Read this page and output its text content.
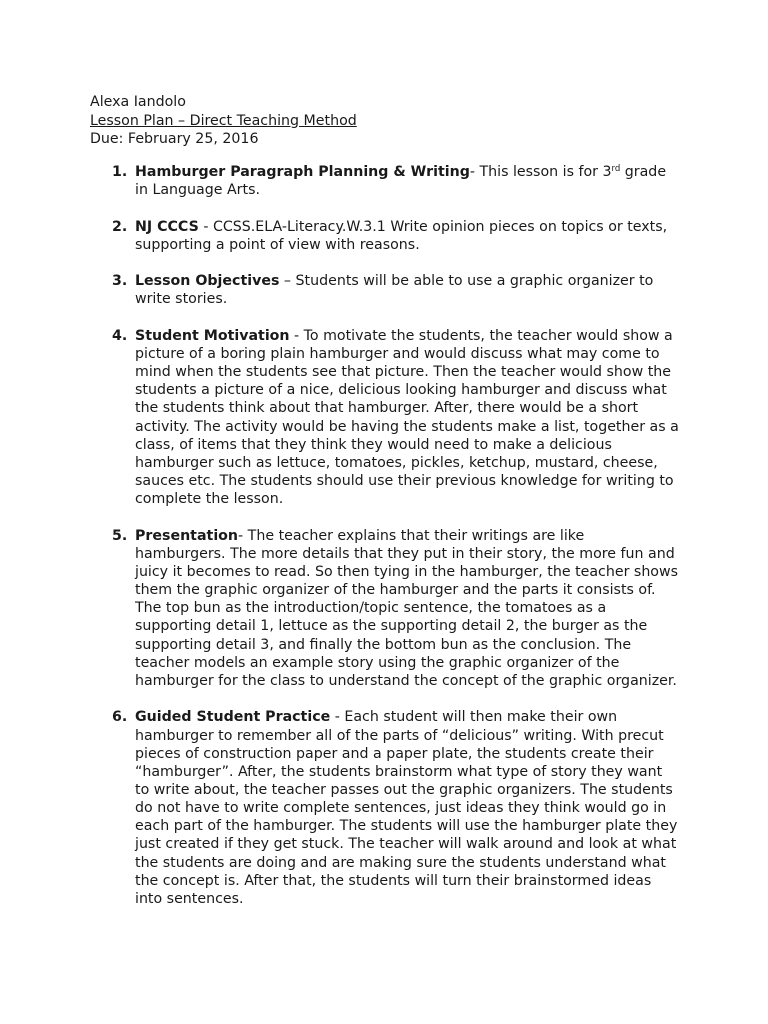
Alexa Iandolo
Lesson Plan – Direct Teaching Method
Due: February 25, 2016
1. Hamburger Paragraph Planning & Writing- This lesson is for 3rd grade in Language Arts.
2. NJ CCCS - CCSS.ELA-Literacy.W.3.1 Write opinion pieces on topics or texts, supporting a point of view with reasons.
3. Lesson Objectives – Students will be able to use a graphic organizer to write stories.
4. Student Motivation - To motivate the students, the teacher would show a picture of a boring plain hamburger and would discuss what may come to mind when the students see that picture. Then the teacher would show the students a picture of a nice, delicious looking hamburger and discuss what the students think about that hamburger. After, there would be a short activity. The activity would be having the students make a list, together as a class, of items that they think they would need to make a delicious hamburger such as lettuce, tomatoes, pickles, ketchup, mustard, cheese, sauces etc. The students should use their previous knowledge for writing to complete the lesson.
5. Presentation- The teacher explains that their writings are like hamburgers. The more details that they put in their story, the more fun and juicy it becomes to read. So then tying in the hamburger, the teacher shows them the graphic organizer of the hamburger and the parts it consists of. The top bun as the introduction/topic sentence, the tomatoes as a supporting detail 1, lettuce as the supporting detail 2, the burger as the supporting detail 3, and finally the bottom bun as the conclusion. The teacher models an example story using the graphic organizer of the hamburger for the class to understand the concept of the graphic organizer.
6. Guided Student Practice - Each student will then make their own hamburger to remember all of the parts of “delicious” writing. With precut pieces of construction paper and a paper plate, the students create their “hamburger”. After, the students brainstorm what type of story they want to write about, the teacher passes out the graphic organizers. The students do not have to write complete sentences, just ideas they think would go in each part of the hamburger. The students will use the hamburger plate they just created if they get stuck. The teacher will walk around and look at what the students are doing and are making sure the students understand what the concept is. After that, the students will turn their brainstormed ideas into sentences.
